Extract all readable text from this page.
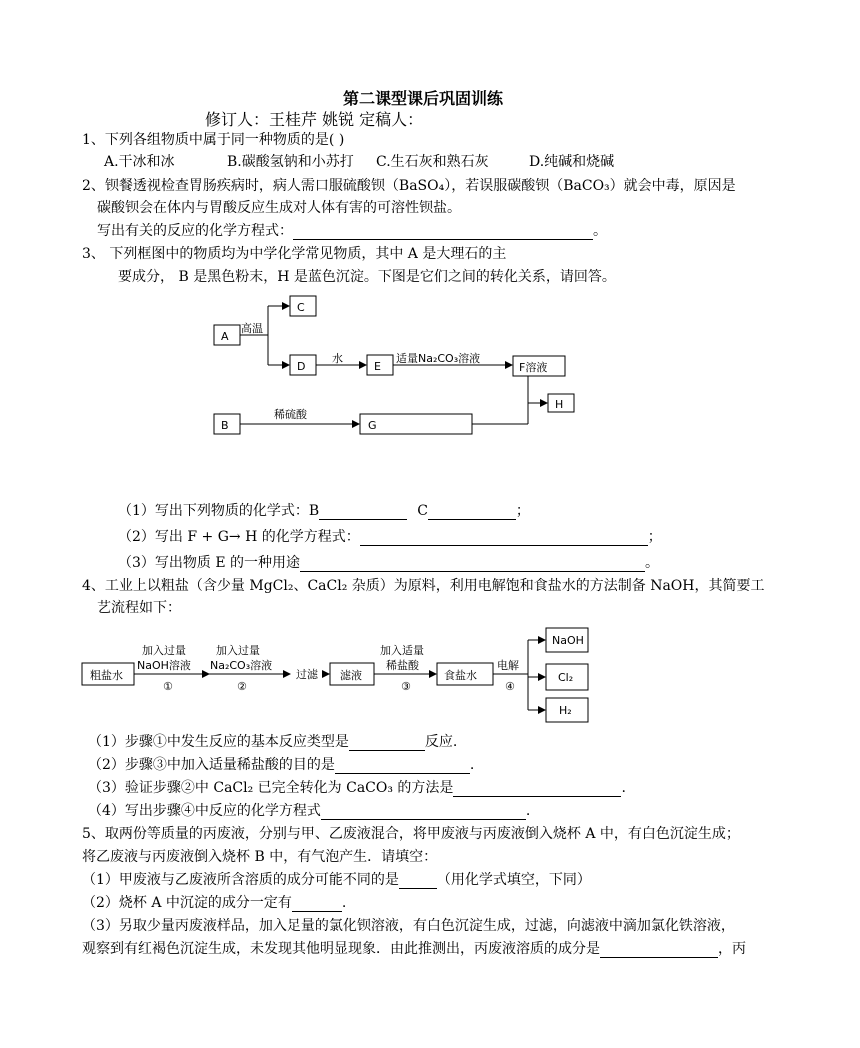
第二课型课后巩固训练
修订人：王桂芹 姚锐 定稿人：
1、下列各组物质中属于同一种物质的是( )
A.干冰和冰	B.碳酸氢钠和小苏打 C.生石灰和熟石灰	D.纯碱和烧碱
2、钡餐透视检查胃肠疾病时，病人需口服硫酸钡（BaSO₄），若误服碳酸钡（BaCO₃）就会中毒，原因是
碳酸钡会在体内与胃酸反应生成对人体有害的可溶性钡盐。
写出有关的反应的化学方程式：	。
3、 下列框图中的物质均为中学化学常见物质，其中 A 是大理石的主
要成分， B 是黑色粉末，H 是蓝色沉淀。下图是它们之间的转化关系，请回答。
A
C
D	E	F溶液
H
B	G
高温
水	适量Na₂CO₃溶液
稀硫酸
（1）写出下列物质的化学式：B	C	；
（2）写出 F + G→ H 的化学方程式：	；
（3）写出物质 E 的一种用途	。
4、工业上以粗盐（含少量 MgCl₂、CaCl₂ 杂质）为原料，利用电解饱和食盐水的方法制备 NaOH，其简要工
艺流程如下：
粗盐水
加入过量
NaOH溶液
①
加入过量
Na₂CO₃溶液
②
过滤 滤液
加入适量
稀盐酸
③
食盐水
电解
④
NaOH
Cl₂
H₂
（1）步骤①中发生反应的基本反应类型是	反应.
（2）步骤③中加入适量稀盐酸的目的是	.
（3）验证步骤②中 CaCl₂ 已完全转化为 CaCO₃ 的方法是	.
（4）写出步骤④中反应的化学方程式	.
5、取两份等质量的丙废液，分别与甲、乙废液混合，将甲废液与丙废液倒入烧杯 A 中，有白色沉淀生成；
将乙废液与丙废液倒入烧杯 B 中，有气泡产生．请填空：
（1）甲废液与乙废液所含溶质的成分可能不同的是	（用化学式填空，下同）
（2）烧杯 A 中沉淀的成分一定有	.
（3）另取少量丙废液样品，加入足量的氯化钡溶液，有白色沉淀生成，过滤，向滤液中滴加氯化铁溶液，
观察到有红褐色沉淀生成，未发现其他明显现象．由此推测出，丙废液溶质的成分是	，丙
